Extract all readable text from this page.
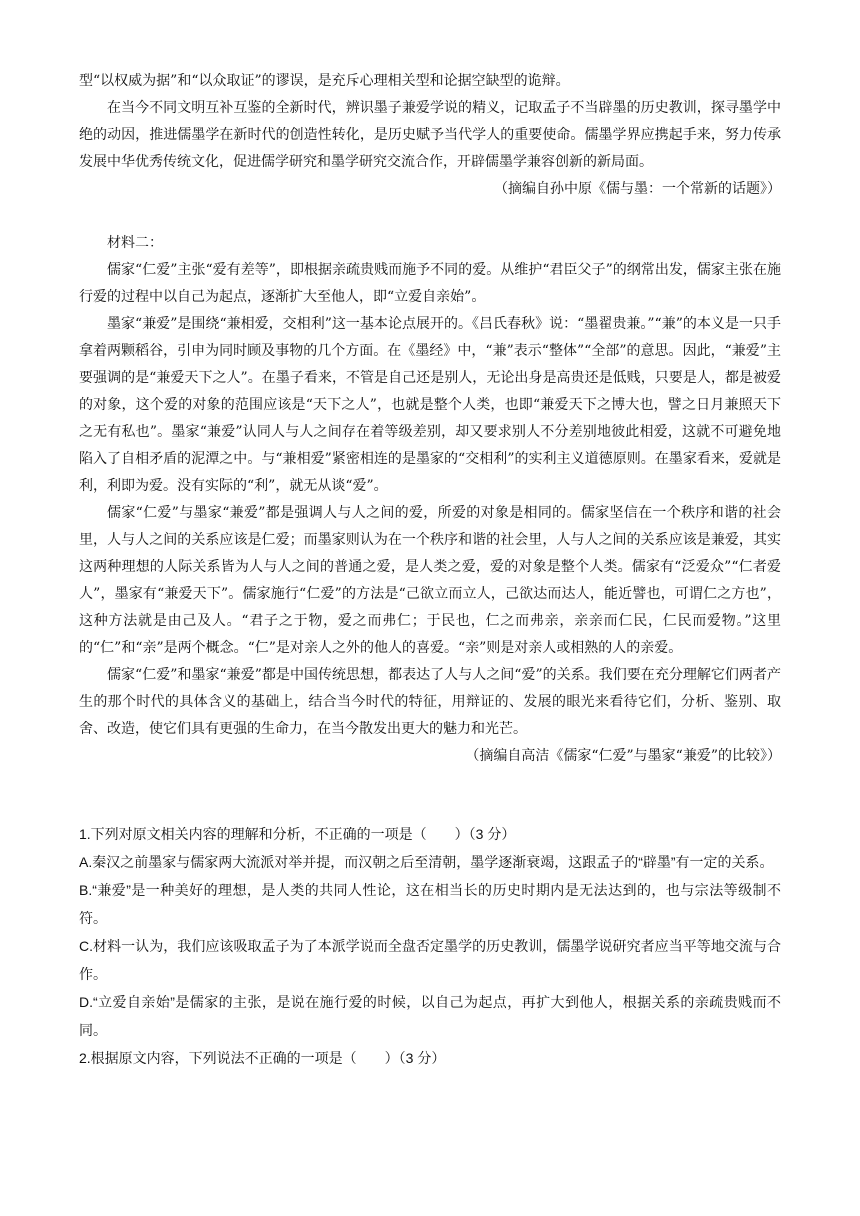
型“以权威为据”和“以众取证”的谬误，是充斥心理相关型和论据空缺型的诡辩。

在当今不同文明互补互鉴的全新时代，辨识墨子兼爱学说的精义，记取孟子不当辟墨的历史教训，探寻墨学中绝的动因，推进儒墨学在新时代的创造性转化，是历史赋予当代学人的重要使命。儒墨学界应携起手来，努力传承发展中华优秀传统文化，促进儒学研究和墨学研究交流合作，开辟儒墨学兼容创新的新局面。

（摘编自孙中原《儒与墨：一个常新的话题》）

材料二：

儒家“仁爱”主张“爱有差等”，即根据亲疏贵贱而施予不同的爱。从维护“君臣父子”的纲常出发，儒家主张在施行爱的过程中以自己为起点，逐渐扩大至他人，即“立爱自亲始”。

墨家“兼爱”是围绕“兼相爱，交相利”这一基本论点展开的。《吕氏春秋》说：“墨翟贵兼。”“兼”的本义是一只手拿着两颗稻谷，引申为同时顾及事物的几个方面。在《墨经》中，“兼”表示“整体”“全部”的意思。因此，“兼爱”主要强调的是“兼爱天下之人”。在墨子看来，不管是自己还是别人，无论出身是高贵还是低贱，只要是人，都是被爱的对象，这个爱的对象的范围应该是“天下之人”，也就是整个人类，也即“兼爱天下之博大也，譬之日月兼照天下之无有私也”。墨家“兼爱”认同人与人之间存在着等级差别，却又要求别人不分差别地彼此相爱，这就不可避免地陷入了自相矛盾的泥潭之中。与“兼相爱”紧密相连的是墨家的“交相利”的实利主义道德原则。在墨家看来，爱就是利，利即为爱。没有实际的“利”，就无从谈“爱”。

儒家“仁爱”与墨家“兼爱”都是强调人与人之间的爱，所爱的对象是相同的。儒家坚信在一个秩序和谐的社会里，人与人之间的关系应该是仁爱；而墨家则认为在一个秩序和谐的社会里，人与人之间的关系应该是兼爱，其实这两种理想的人际关系皆为人与人之间的普通之爱，是人类之爱，爱的对象是整个人类。儒家有“泛爱众”“仁者爱人”，墨家有“兼爱天下”。儒家施行“仁爱”的方法是“己欲立而立人，己欲达而达人，能近譬也，可谓仁之方也”，这种方法就是由己及人。“君子之于物，爱之而弗仁；于民也，仁之而弗亲，亲亲而仁民，仁民而爱物。”这里的“仁”和“亲”是两个概念。“仁”是对亲人之外的他人的喜爱。“亲”则是对亲人或相熟的人的亲爱。

儒家“仁爱”和墨家“兼爱”都是中国传统思想，都表达了人与人之间“爱”的关系。我们要在充分理解它们两者产生的那个时代的具体含义的基础上，结合当今时代的特征，用辩证的、发展的眼光来看待它们，分析、鉴别、取舍、改造，使它们具有更强的生命力，在当今散发出更大的魅力和光芒。

（摘编自高洁《儒家“仁爱”与墨家“兼爱”的比较》）

1.下列对原文相关内容的理解和分析，不正确的一项是（　　）（3 分）

A.秦汉之前墨家与儒家两大流派对举并提，而汉朝之后至清朝，墨学逐渐衰竭，这跟孟子的“辟墨”有一定的关系。

B.“兼爱”是一种美好的理想，是人类的共同人性论，这在相当长的历史时期内是无法达到的，也与宗法等级制不符。

C.材料一认为，我们应该吸取孟子为了本派学说而全盘否定墨学的历史教训，儒墨学说研究者应当平等地交流与合作。

D.“立爱自亲始”是儒家的主张，是说在施行爱的时候，以自己为起点，再扩大到他人，根据关系的亲疏贵贱而不同。

2.根据原文内容，下列说法不正确的一项是（　　）（3 分）
